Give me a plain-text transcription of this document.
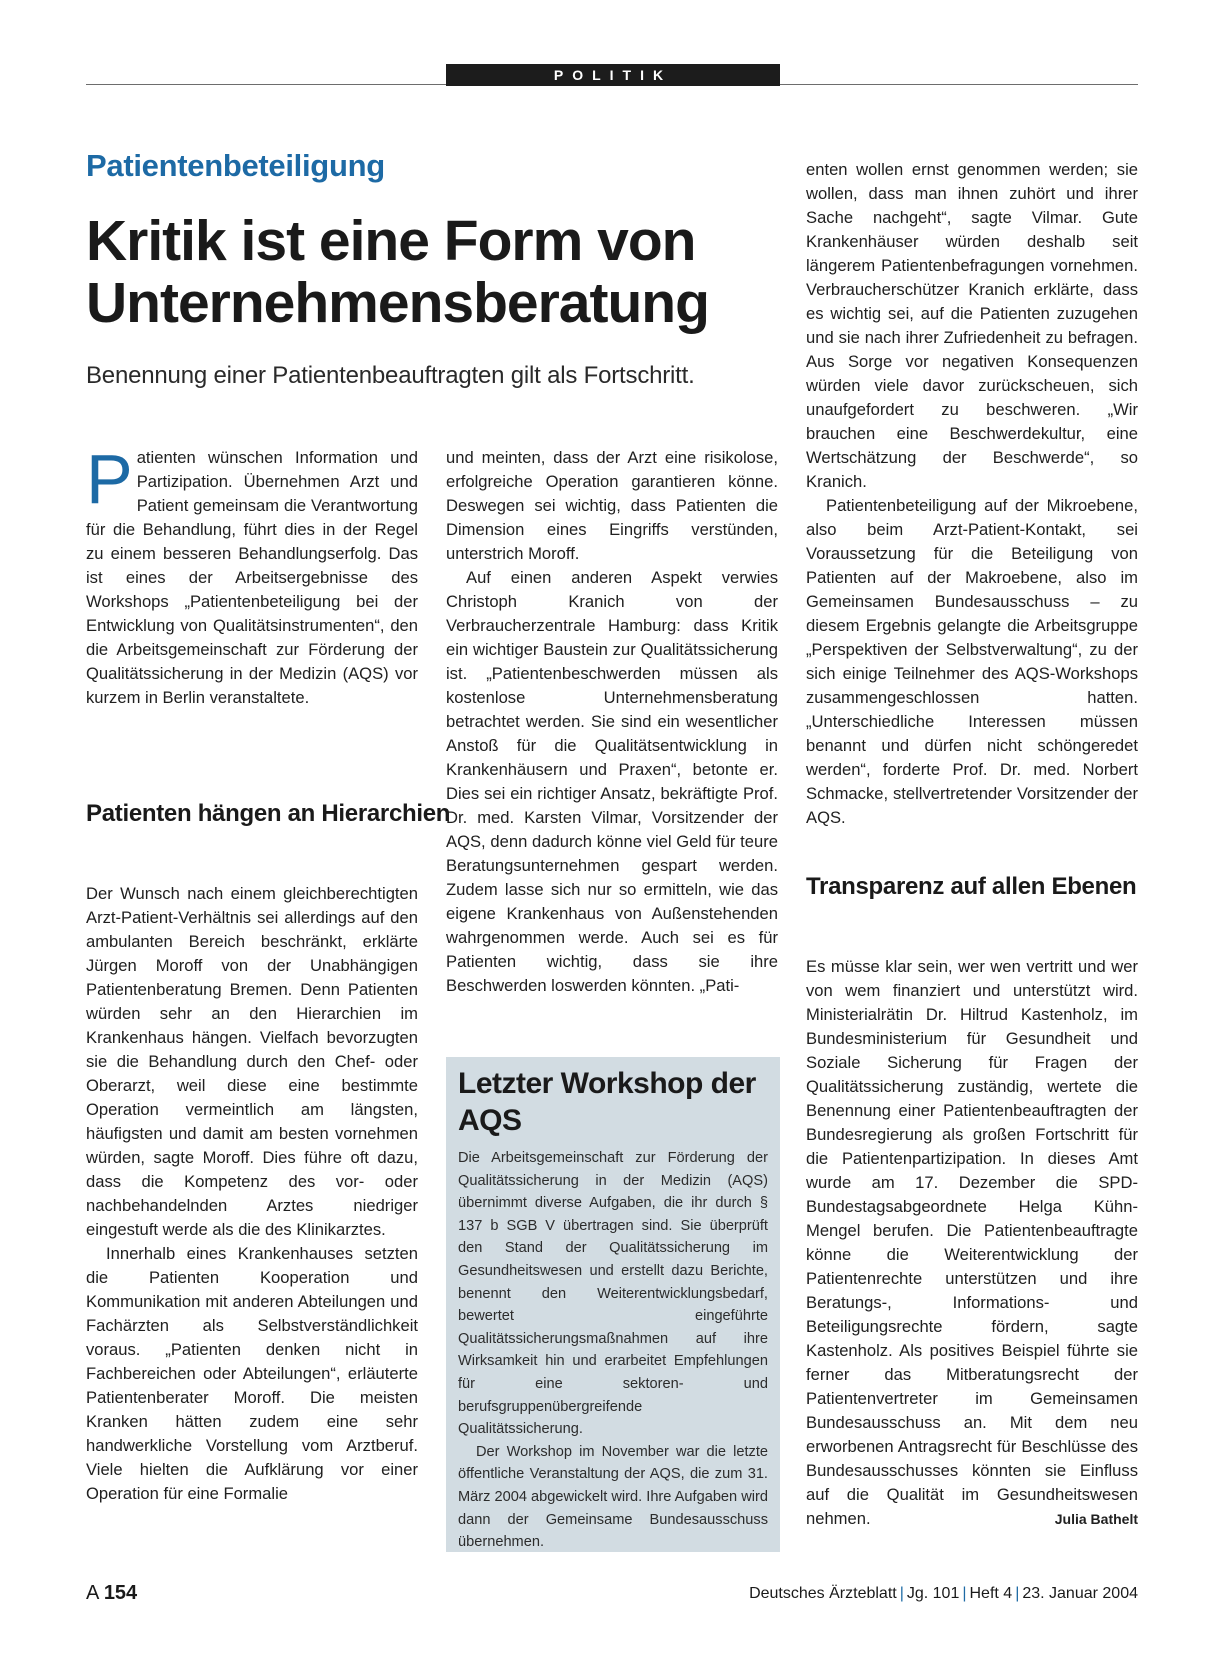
POLITIK
Patientenbeteiligung
Kritik ist eine Form von Unternehmensberatung
Benennung einer Patientenbeauftragten gilt als Fortschritt.

Patienten wünschen Information und Partizipation. Übernehmen Arzt und Patient gemeinsam die Verantwortung für die Behandlung, führt dies in der Regel zu einem besseren Behandlungserfolg. Das ist eines der Arbeitsergebnisse des Workshops „Patientenbeteiligung bei der Entwicklung von Qualitätsinstrumenten“, den die Arbeitsgemeinschaft zur Förderung der Qualitätssicherung in der Medizin (AQS) vor kurzem in Berlin veranstaltete.

Patienten hängen an Hierarchien

Der Wunsch nach einem gleichberechtigten Arzt-Patient-Verhältnis sei allerdings auf den ambulanten Bereich beschränkt, erklärte Jürgen Moroff von der Unabhängigen Patientenberatung Bremen. Denn Patienten würden sehr an den Hierarchien im Krankenhaus hängen. Vielfach bevorzugten sie die Behandlung durch den Chef- oder Oberarzt, weil diese eine bestimmte Operation vermeintlich am längsten, häufigsten und damit am besten vornehmen würden, sagte Moroff. Dies führe oft dazu, dass die Kompetenz des vor- oder nachbehandelnden Arztes niedriger eingestuft werde als die des Klinikarztes.

Innerhalb eines Krankenhauses setzten die Patienten Kooperation und Kommunikation mit anderen Abteilungen und Fachärzten als Selbstverständlichkeit voraus. „Patienten denken nicht in Fachbereichen oder Abteilungen“, erläuterte Patientenberater Moroff. Die meisten Kranken hätten zudem eine sehr handwerkliche Vorstellung vom Arztberuf. Viele hielten die Aufklärung vor einer Operation für eine Formalie

und meinten, dass der Arzt eine risikolose, erfolgreiche Operation garantieren könne. Deswegen sei wichtig, dass Patienten die Dimension eines Eingriffs verstünden, unterstrich Moroff.

Auf einen anderen Aspekt verwies Christoph Kranich von der Verbraucherzentrale Hamburg: dass Kritik ein wichtiger Baustein zur Qualitätssicherung ist. „Patientenbeschwerden müssen als kostenlose Unternehmensberatung betrachtet werden. Sie sind ein wesentlicher Anstoß für die Qualitätsentwicklung in Krankenhäusern und Praxen“, betonte er. Dies sei ein richtiger Ansatz, bekräftigte Prof. Dr. med. Karsten Vilmar, Vorsitzender der AQS, denn dadurch könne viel Geld für teure Beratungsunternehmen gespart werden. Zudem lasse sich nur so ermitteln, wie das eigene Krankenhaus von Außenstehenden wahrgenommen werde. Auch sei es für Patienten wichtig, dass sie ihre Beschwerden loswerden könnten. „Pati-

Letzter Workshop der AQS

Die Arbeitsgemeinschaft zur Förderung der Qualitätssicherung in der Medizin (AQS) übernimmt diverse Aufgaben, die ihr durch § 137 b SGB V übertragen sind. Sie überprüft den Stand der Qualitätssicherung im Gesundheitswesen und erstellt dazu Berichte, benennt den Weiterentwicklungsbedarf, bewertet eingeführte Qualitätssicherungsmaßnahmen auf ihre Wirksamkeit hin und erarbeitet Empfehlungen für eine sektoren- und berufsgruppenübergreifende Qualitätssicherung.

Der Workshop im November war die letzte öffentliche Veranstaltung der AQS, die zum 31. März 2004 abgewickelt wird. Ihre Aufgaben wird dann der Gemeinsame Bundesausschuss übernehmen.

enten wollen ernst genommen werden; sie wollen, dass man ihnen zuhört und ihrer Sache nachgeht“, sagte Vilmar. Gute Krankenhäuser würden deshalb seit längerem Patientenbefragungen vornehmen. Verbraucherschützer Kranich erklärte, dass es wichtig sei, auf die Patienten zuzugehen und sie nach ihrer Zufriedenheit zu befragen. Aus Sorge vor negativen Konsequenzen würden viele davor zurückscheuen, sich unaufgefordert zu beschweren. „Wir brauchen eine Beschwerdekultur, eine Wertschätzung der Beschwerde“, so Kranich.

Patientenbeteiligung auf der Mikroebene, also beim Arzt-Patient-Kontakt, sei Voraussetzung für die Beteiligung von Patienten auf der Makroebene, also im Gemeinsamen Bundesausschuss – zu diesem Ergebnis gelangte die Arbeitsgruppe „Perspektiven der Selbstverwaltung“, zu der sich einige Teilnehmer des AQS-Workshops zusammengeschlossen hatten. „Unterschiedliche Interessen müssen benannt und dürfen nicht schöngeredet werden“, forderte Prof. Dr. med. Norbert Schmacke, stellvertretender Vorsitzender der AQS.

Transparenz auf allen Ebenen

Es müsse klar sein, wer wen vertritt und wer von wem finanziert und unterstützt wird. Ministerialrätin Dr. Hiltrud Kastenholz, im Bundesministerium für Gesundheit und Soziale Sicherung für Fragen der Qualitätssicherung zuständig, wertete die Benennung einer Patientenbeauftragten der Bundesregierung als großen Fortschritt für die Patientenpartizipation. In dieses Amt wurde am 17. Dezember die SPD-Bundestagsabgeordnete Helga Kühn-Mengel berufen. Die Patientenbeauftragte könne die Weiterentwicklung der Patientenrechte unterstützen und ihre Beratungs-, Informations- und Beteiligungsrechte fördern, sagte Kastenholz. Als positives Beispiel führte sie ferner das Mitberatungsrecht der Patientenvertreter im Gemeinsamen Bundesausschuss an. Mit dem neu erworbenen Antragsrecht für Beschlüsse des Bundesausschusses könnten sie Einfluss auf die Qualität im Gesundheitswesen nehmen.	Julia Bathelt
A 154	Deutsches Ärzteblatt | Jg. 101 | Heft 4 | 23. Januar 2004
